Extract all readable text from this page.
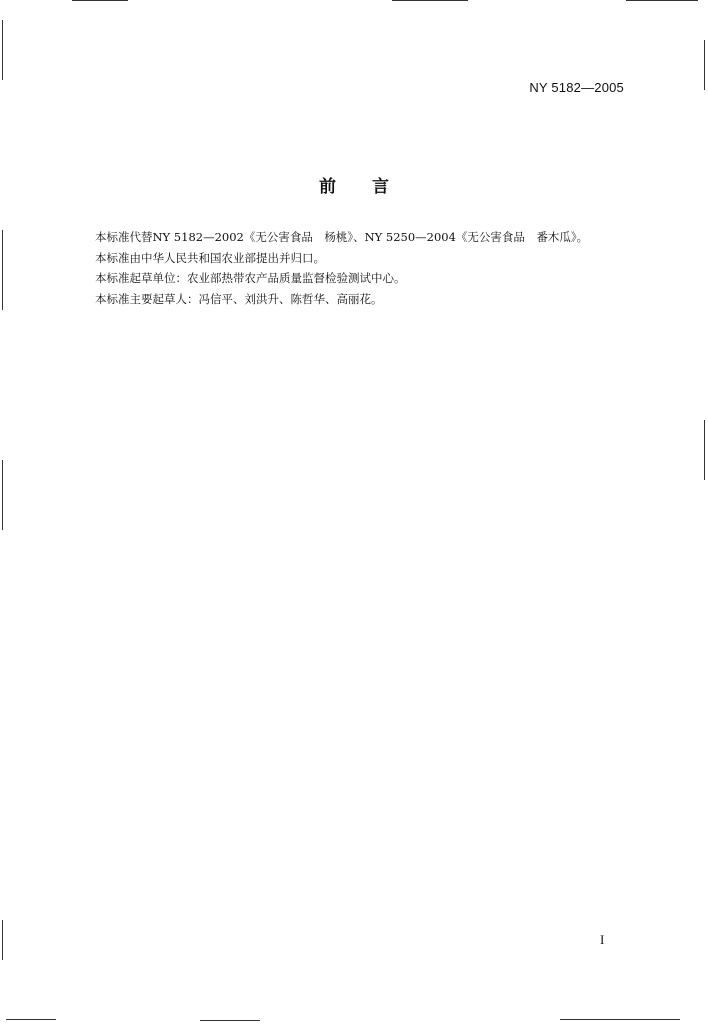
NY 5182—2005
前言

本标准代替NY 5182—2002《无公害食品　杨桃》、NY 5250—2004《无公害食品　番木瓜》。

本标准由中华人民共和国农业部提出并归口。

本标准起草单位：农业部热带农产品质量监督检验测试中心。

本标准主要起草人：冯信平、刘洪升、陈哲华、高丽花。

I
